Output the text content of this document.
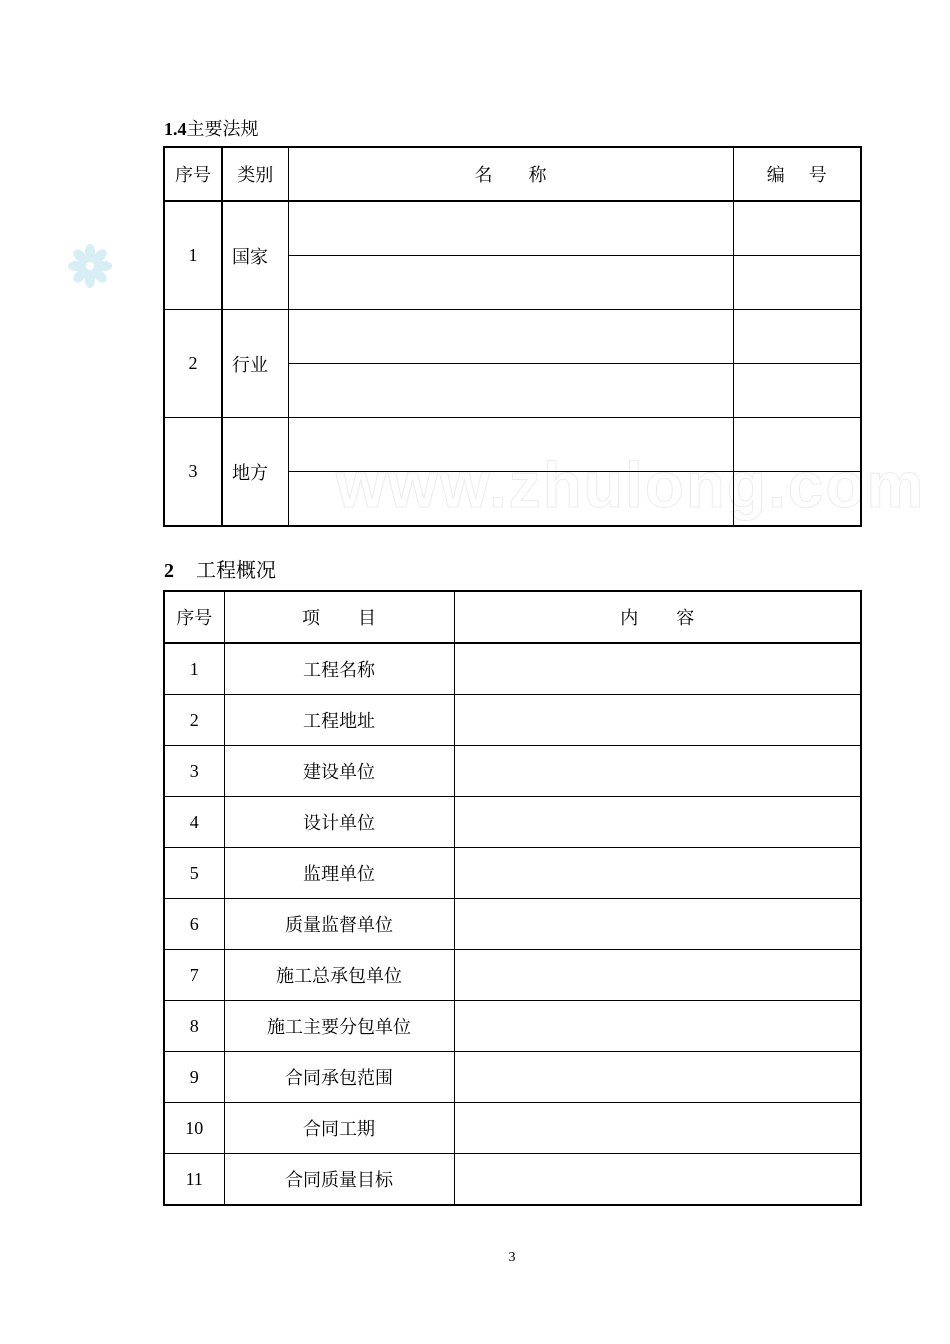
www.zhulong.com
1.4主要法规
序号	类别	名 称	编 号
1	国家		

2	行业		

3	地方		

2 工程概况
序号	项 目	内 容
1	工程名称	
2	工程地址	
3	建设单位	
4	设计单位	
5	监理单位	
6	质量监督单位	
7	施工总承包单位	
8	施工主要分包单位	
9	合同承包范围	
10	合同工期	
11	合同质量目标	
3
